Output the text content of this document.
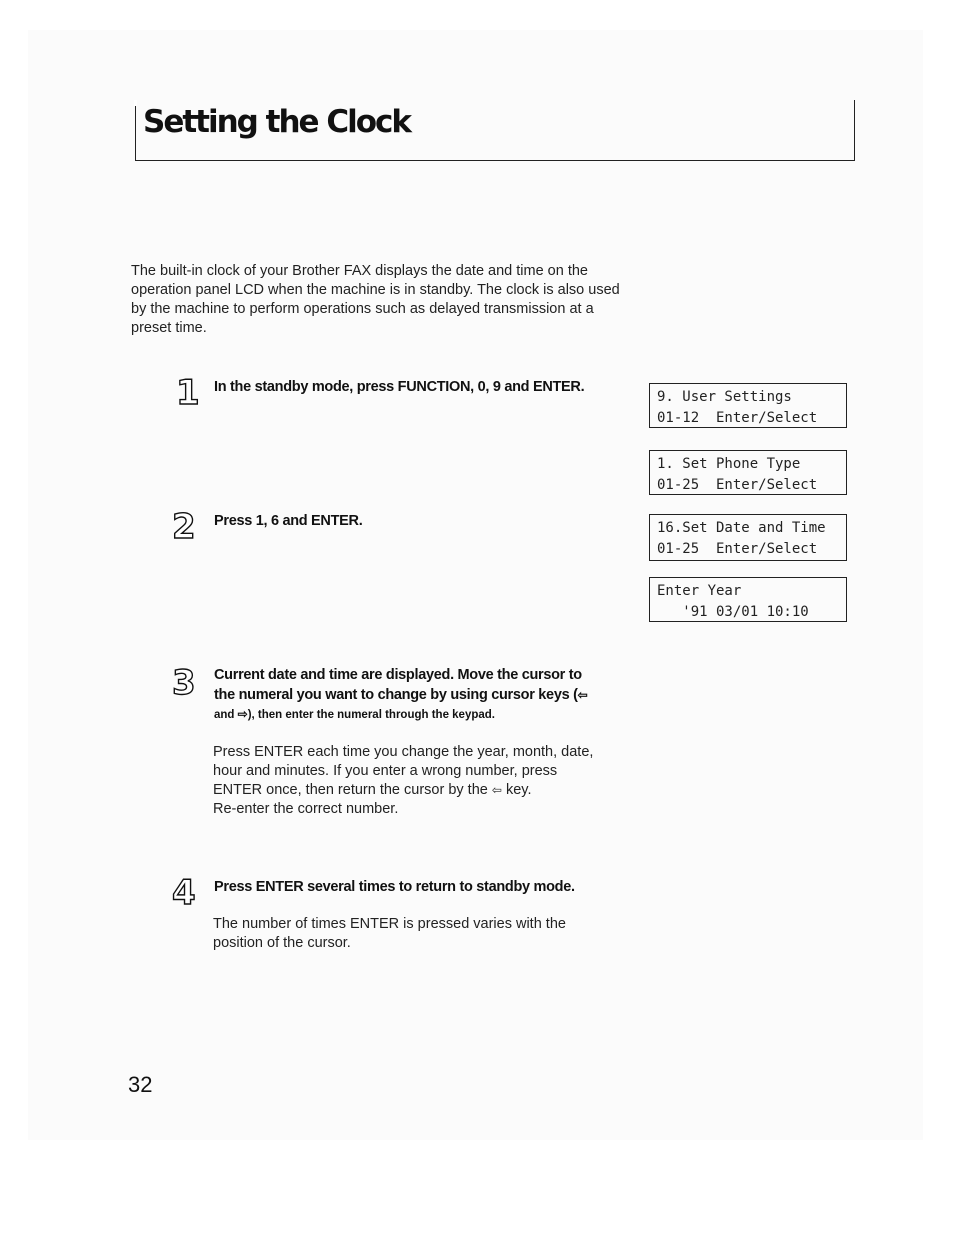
Setting the Clock
The built-in clock of your Brother FAX displays the date and time on the operation panel LCD when the machine is in standby. The clock is also used by the machine to perform operations such as delayed transmission at a preset time.
1 In the standby mode, press FUNCTION, 0, 9 and ENTER.
2 Press 1, 6 and ENTER.
3 Current date and time are displayed. Move the cursor to
the numeral you want to change by using cursor keys (⇦
and ⇨), then enter the numeral through the keypad.
Press ENTER each time you change the year, month, date, hour and minutes. If you enter a wrong number, press ENTER once, then return the cursor by the ⇦ key.
Re-enter the correct number.
4 Press ENTER several times to return to standby mode.
The number of times ENTER is pressed varies with the position of the cursor.
9. User Settings
01-12  Enter/Select
1. Set Phone Type
01-25  Enter/Select
16.Set Date and Time
01-25  Enter/Select
Enter Year
'91 03/01 10:10
32
